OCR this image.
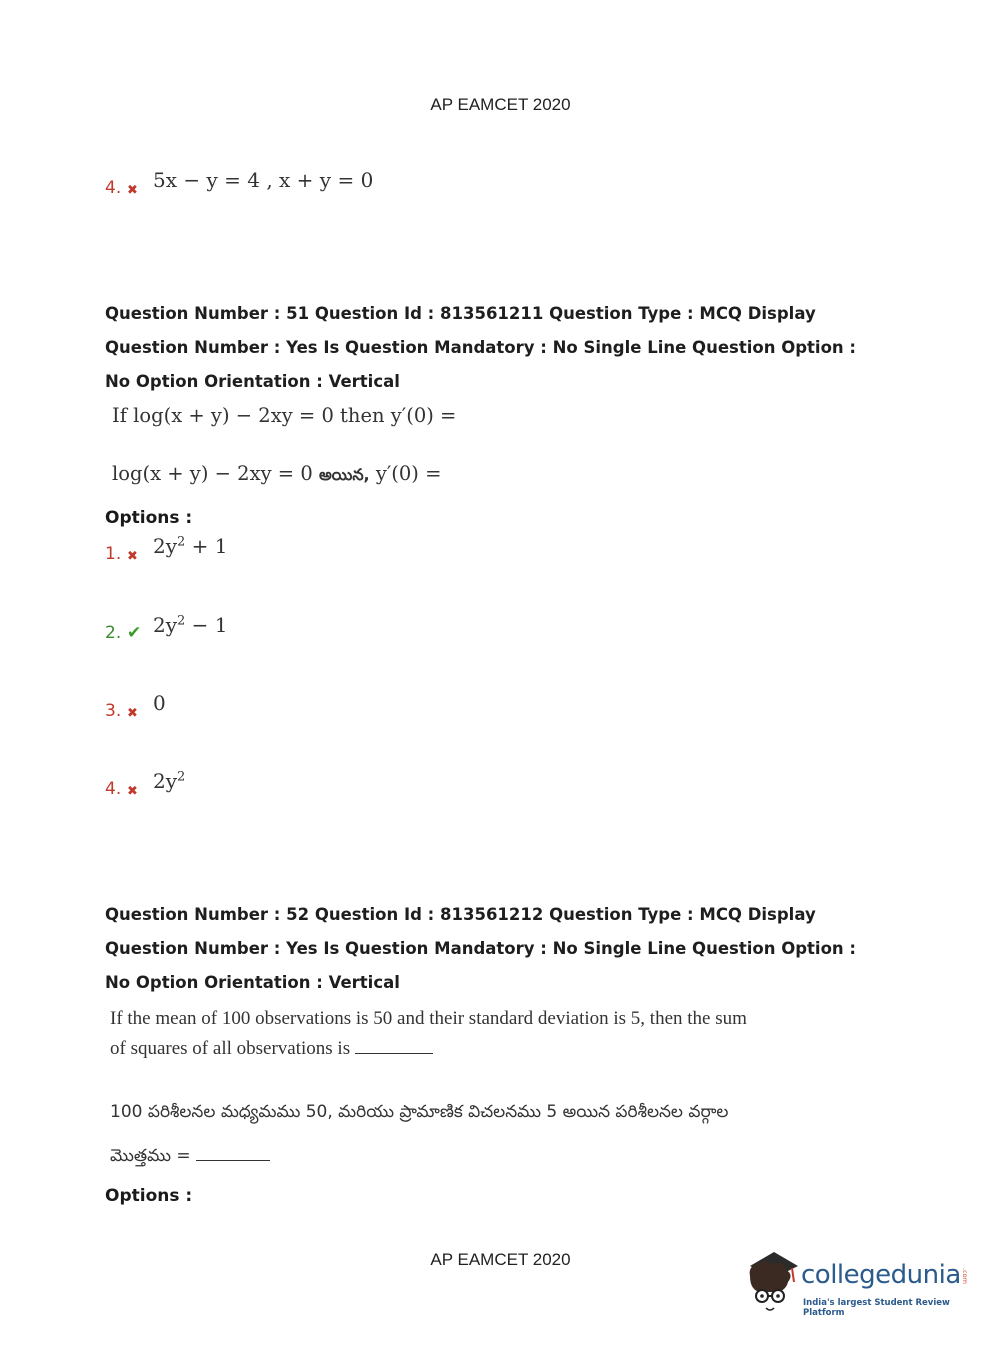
AP EAMCET 2020
4. ✖ 5x − y = 4 , x + y = 0
Question Number : 51 Question Id : 813561211 Question Type : MCQ Display Question Number : Yes Is Question Mandatory : No Single Line Question Option : No Option Orientation : Vertical
If log(x + y) − 2xy = 0 then y′(0) =
log(x + y) − 2xy = 0 అయిన, y′(0) =
Options :
1. ✖ $2y^2 + 1$
2. ✔ $2y^2 - 1$
3. ✖ 0
4. ✖ $2y^2$
Question Number : 52 Question Id : 813561212 Question Type : MCQ Display Question Number : Yes Is Question Mandatory : No Single Line Question Option : No Option Orientation : Vertical
If the mean of 100 observations is 50 and their standard deviation is 5, then the sum of squares of all observations is
100 పరిశీలనల మధ్యమము 50, మరియు ప్రామాణిక విచలనము 5 అయిన పరిశీలనల వర్గాల మొత్తము =
Options :
AP EAMCET 2020
collegedunia .com
India's largest Student Review Platform
